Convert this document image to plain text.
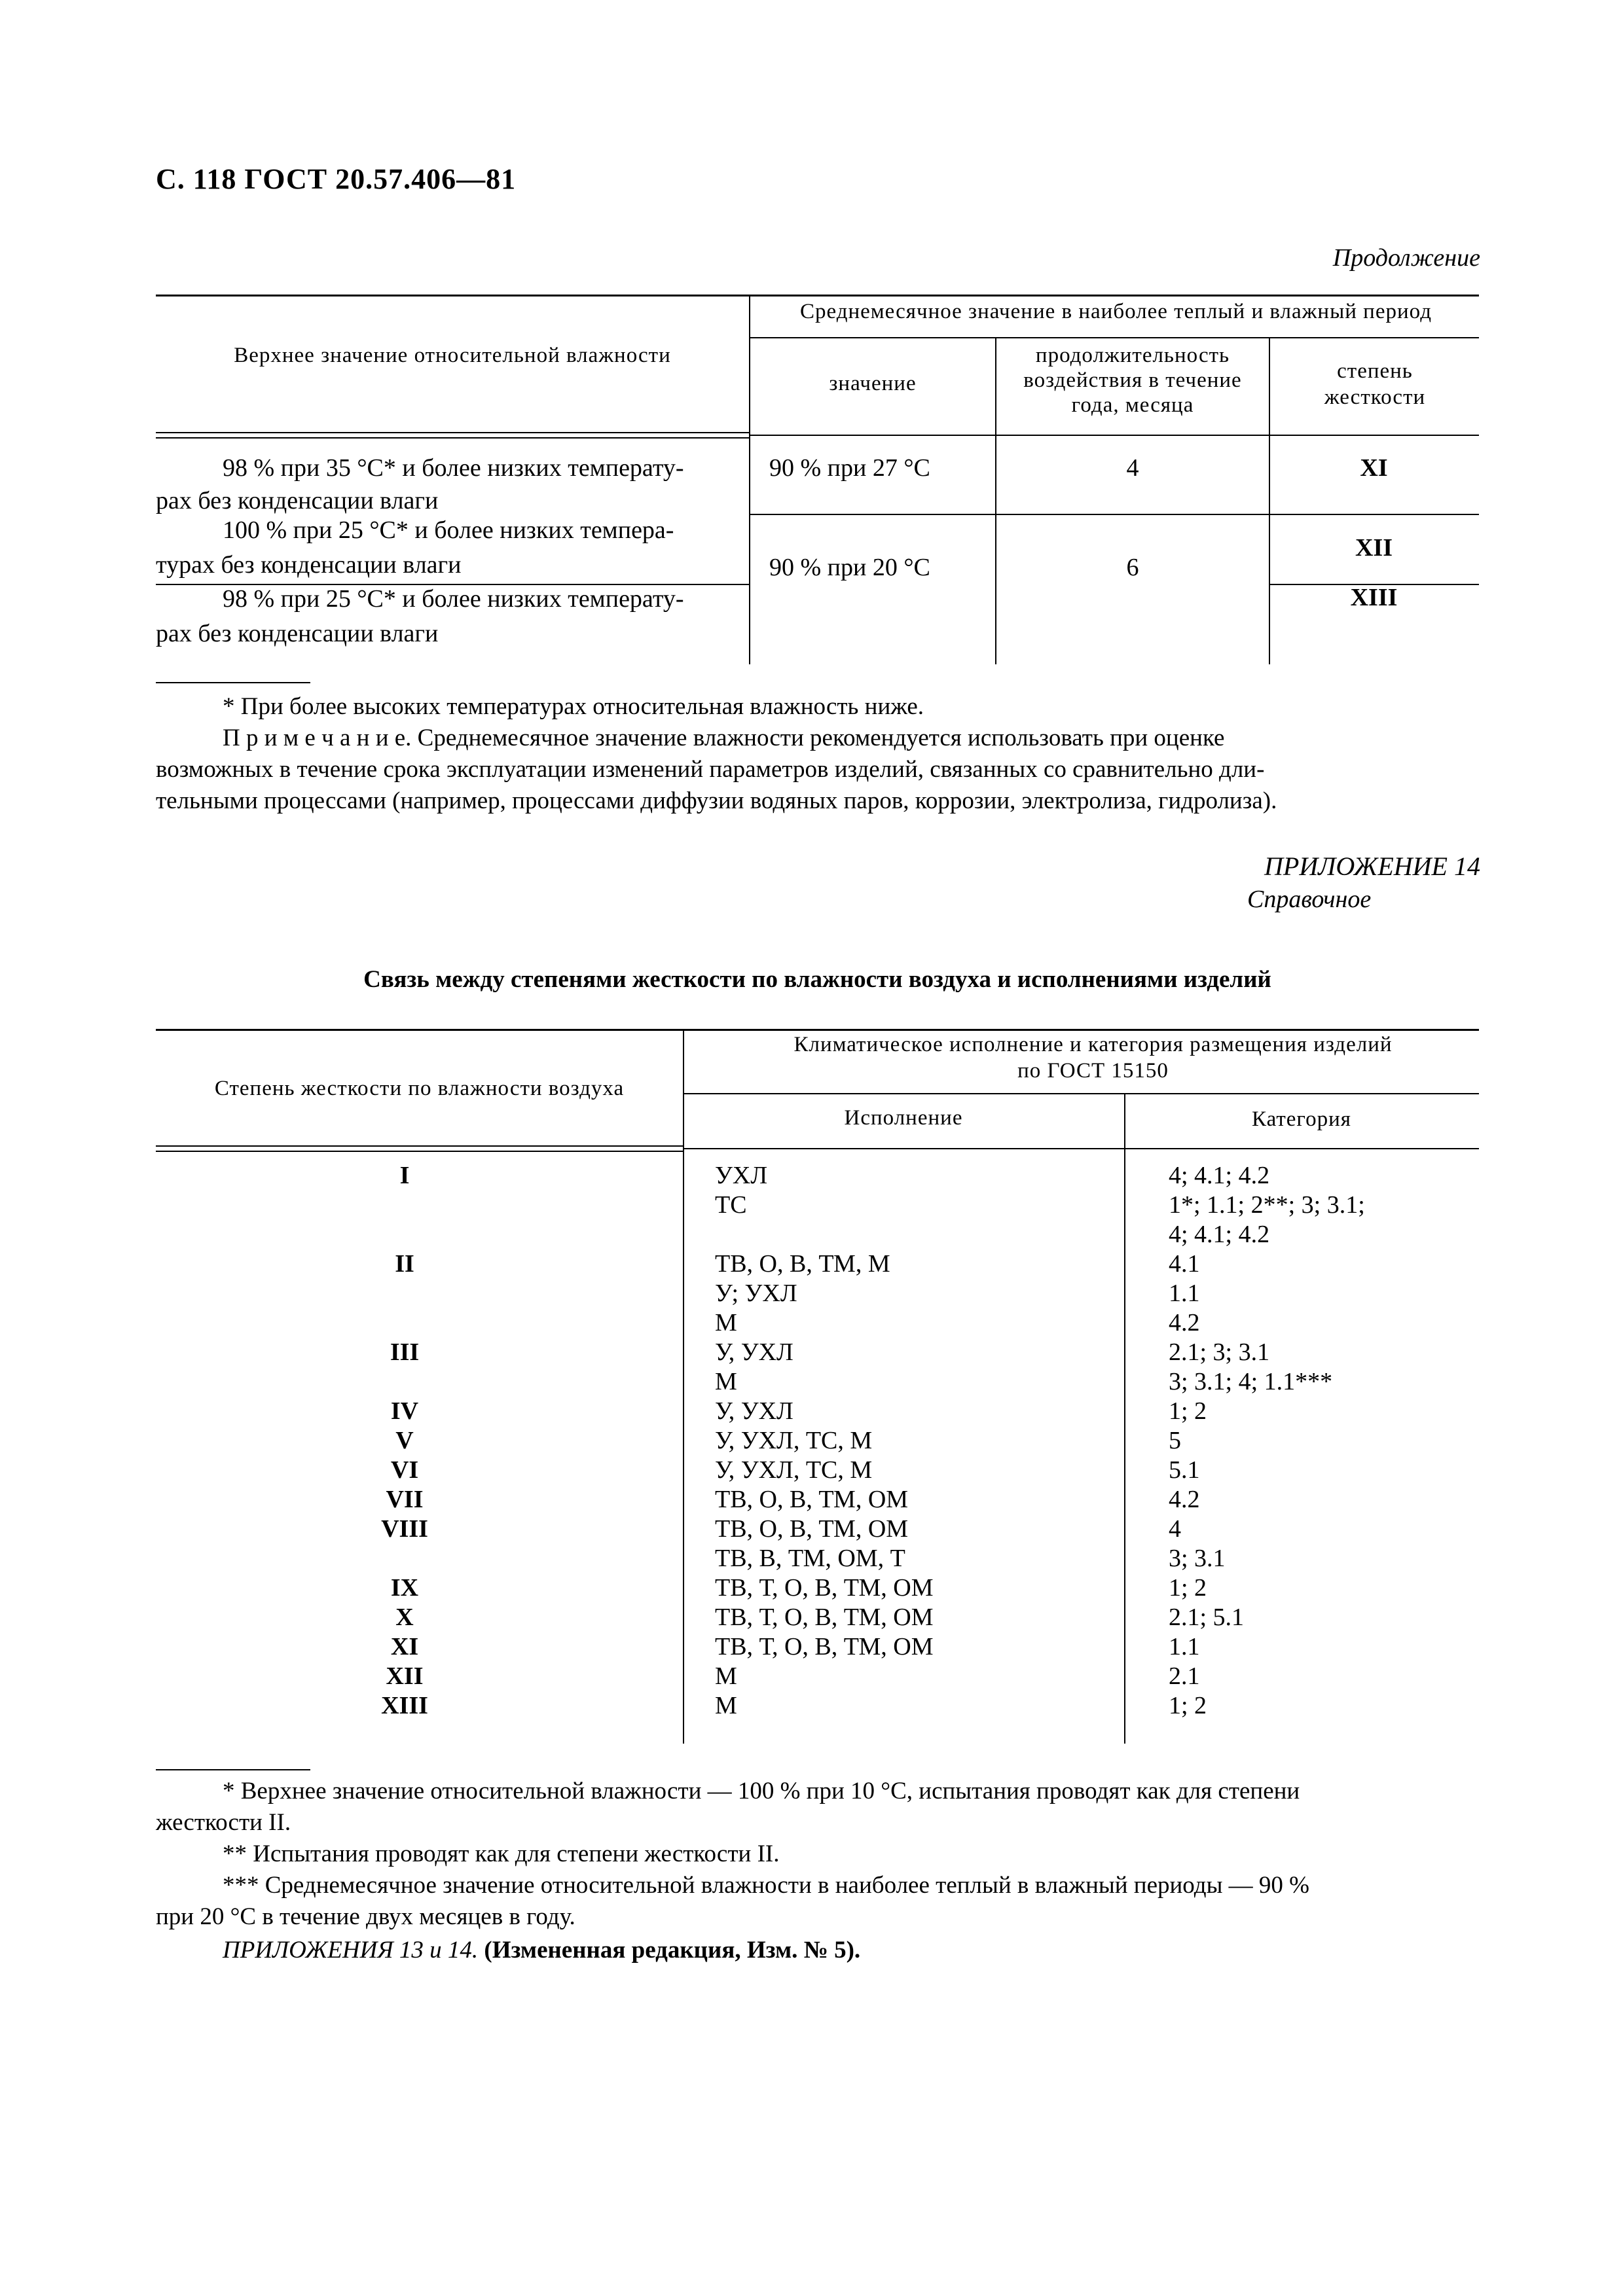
С. 118 ГОСТ 20.57.406—81
Продолжение
Верхнее значение относительной влажности
Среднемесячное значение в наиболее теплый и влажный период
значение
продолжительность воздействия в течение года, месяца
степень жесткости
98 % при 35 °С* и более низких температу-
рах без конденсации влаги
100 % при 25 °С* и более низких темпера-
турах без конденсации влаги
98 % при 25 °С* и более низких температу-
рах без конденсации влаги
90 % при 27 °С
90 % при 20 °С
4
6
XI
XII
XIII
* При более высоких температурах относительная влажность ниже.
П р и м е ч а н и е. Среднемесячное значение влажности рекомендуется использовать при оценке
возможных в течение срока эксплуатации изменений параметров изделий, связанных со сравнительно дли-
тельными процессами (например, процессами диффузии водяных паров, коррозии, электролиза, гидролиза).
ПРИЛОЖЕНИЕ 14
Справочное
Связь между степенями жесткости по влажности воздуха и исполнениями изделий
Степень жесткости по влажности воздуха
Климатическое исполнение и категория размещения изделий
по ГОСТ 15150
Исполнение	Категория
I
II
III
IV
V
VI
VII
VIII
IX
X
XI
XII
XIII
УХЛ
ТС
ТВ, О, В, ТМ, М
У; УХЛ
М
У, УХЛ
М
У, УХЛ
У, УХЛ, ТС, М
У, УХЛ, ТС, М
ТВ, О, В, ТМ, ОМ
ТВ, О, В, ТМ, ОМ
ТВ, В, ТМ, ОМ, Т
ТВ, Т, О, В, ТМ, ОМ
ТВ, Т, О, В, ТМ, ОМ
ТВ, Т, О, В, ТМ, ОМ
М
М
4; 4.1; 4.2
1*; 1.1; 2**; 3; 3.1;
4; 4.1; 4.2
4.1
1.1
4.2
2.1; 3; 3.1
3; 3.1; 4; 1.1***
1; 2
5
5.1
4.2
4
3; 3.1
1; 2
2.1; 5.1
1.1
2.1
1; 2
* Верхнее значение относительной влажности — 100 % при 10 °С, испытания проводят как для степени
жесткости II.
** Испытания проводят как для степени жесткости II.
*** Среднемесячное значение относительной влажности в наиболее теплый в влажный периоды — 90 %
при 20 °С в течение двух месяцев в году.
ПРИЛОЖЕНИЯ 13 и 14. (Измененная редакция, Изм. № 5).
